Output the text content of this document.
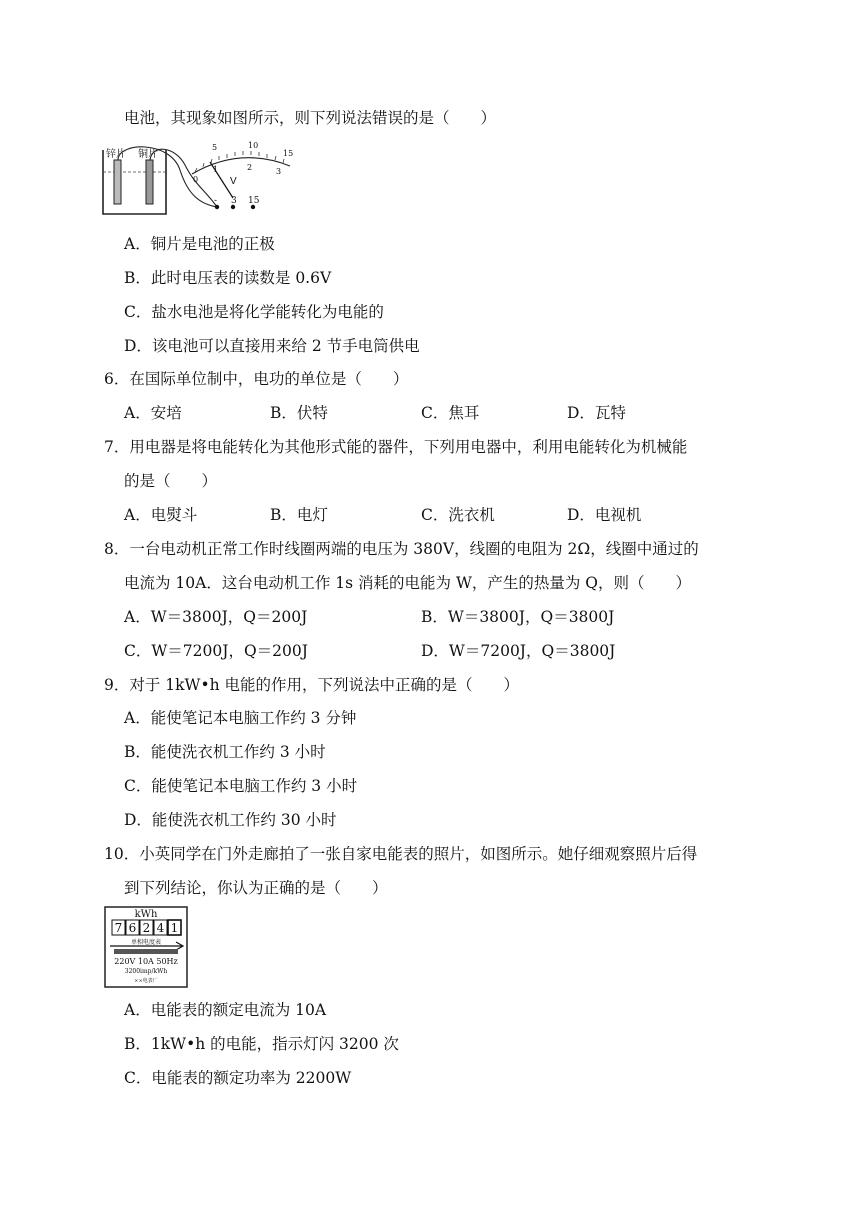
电池，其现象如图所示，则下列说法错误的是（　　）
锌片 铜片
5	10
15
0
1	2	3
V
- 3 15
A．铜片是电池的正极
B．此时电压表的读数是 0.6V
C．盐水电池是将化学能转化为电能的
D．该电池可以直接用来给 2 节手电筒供电
6．在国际单位制中，电功的单位是（　　）
A．安培	B．伏特	C．焦耳	D．瓦特
7．用电器是将电能转化为其他形式能的器件，下列用电器中，利用电能转化为机械能
的是（　　）
A．电熨斗	B．电灯	C．洗衣机	D．电视机
8．一台电动机正常工作时线圈两端的电压为 380V，线圈的电阻为 2Ω，线圈中通过的
电流为 10A．这台电动机工作 1s 消耗的电能为 W，产生的热量为 Q，则（　　）
A．W＝3800J，Q＝200J	B．W＝3800J，Q＝3800J
C．W＝7200J，Q＝200J	D．W＝7200J，Q＝3800J
9．对于 1kW•h 电能的作用，下列说法中正确的是（　　）
A．能使笔记本电脑工作约 3 分钟
B．能使洗衣机工作约 3 小时
C．能使笔记本电脑工作约 3 小时
D．能使洗衣机工作约 30 小时
10．小英同学在门外走廊拍了一张自家电能表的照片，如图所示。她仔细观察照片后得
到下列结论，你认为正确的是（　　）
kWh
7 6 2 4 1
单相电度表
220V 10A 50Hz
3200imp/kWh
××电表厂
A．电能表的额定电流为 10A
B．1kW•h 的电能，指示灯闪 3200 次
C．电能表的额定功率为 2200W
